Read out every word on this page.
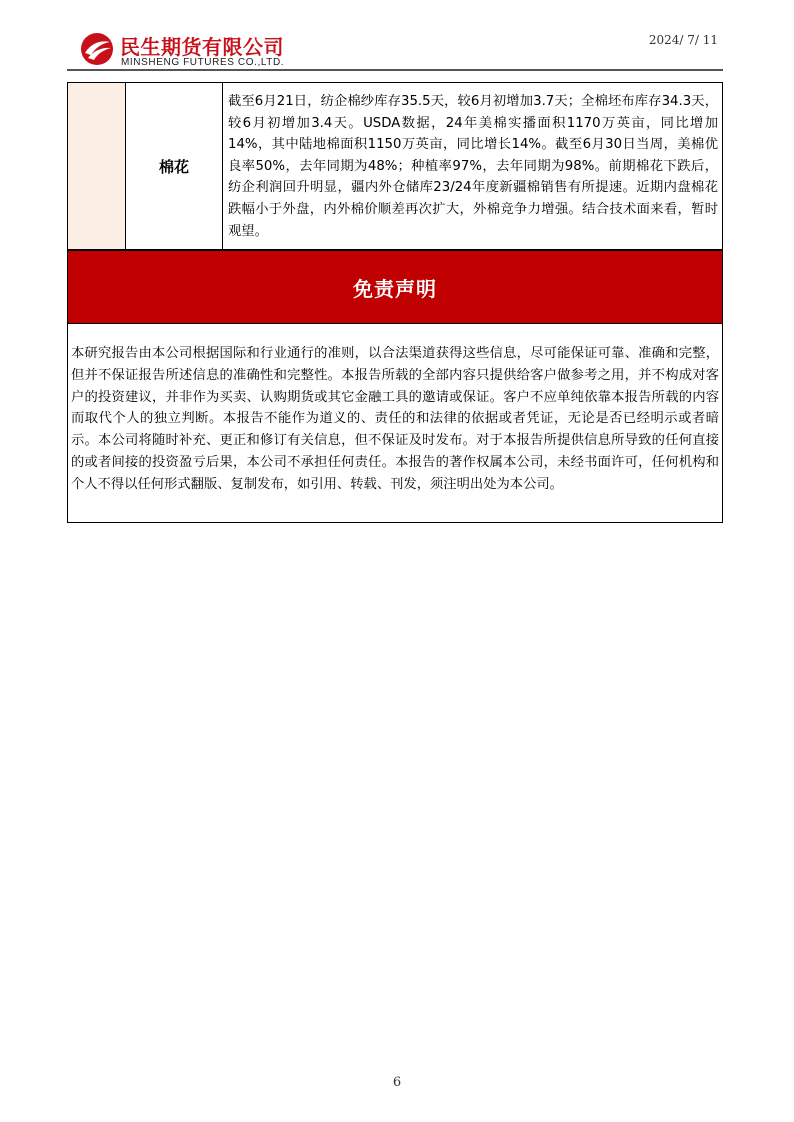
民生期货有限公司
MINSHENG FUTURES CO.,LTD.
2024/ 7/ 11
棉花
截至6月21日，纺企棉纱库存35.5天，较6月初增加3.7天；全棉坯布库存34.3天，较6月初增加3.4天。USDA数据，24年美棉实播面积1170万英亩，同比增加14%，其中陆地棉面积1150万英亩，同比增长14%。截至6月30日当周，美棉优良率50%，去年同期为48%；种植率97%，去年同期为98%。前期棉花下跌后，纺企利润回升明显，疆内外仓储库23/24年度新疆棉销售有所提速。近期内盘棉花跌幅小于外盘，内外棉价顺差再次扩大，外棉竞争力增强。结合技术面来看，暂时观望。
免责声明
本研究报告由本公司根据国际和行业通行的准则，以合法渠道获得这些信息，尽可能保证可靠、准确和完整，但并不保证报告所述信息的准确性和完整性。本报告所载的全部内容只提供给客户做参考之用，并不构成对客户的投资建议，并非作为买卖、认购期货或其它金融工具的邀请或保证。客户不应单纯依靠本报告所载的内容而取代个人的独立判断。本报告不能作为道义的、责任的和法律的依据或者凭证，无论是否已经明示或者暗示。本公司将随时补充、更正和修订有关信息，但不保证及时发布。对于本报告所提供信息所导致的任何直接的或者间接的投资盈亏后果，本公司不承担任何责任。本报告的著作权属本公司，未经书面许可，任何机构和个人不得以任何形式翻版、复制发布，如引用、转载、刊发，须注明出处为本公司。
6
